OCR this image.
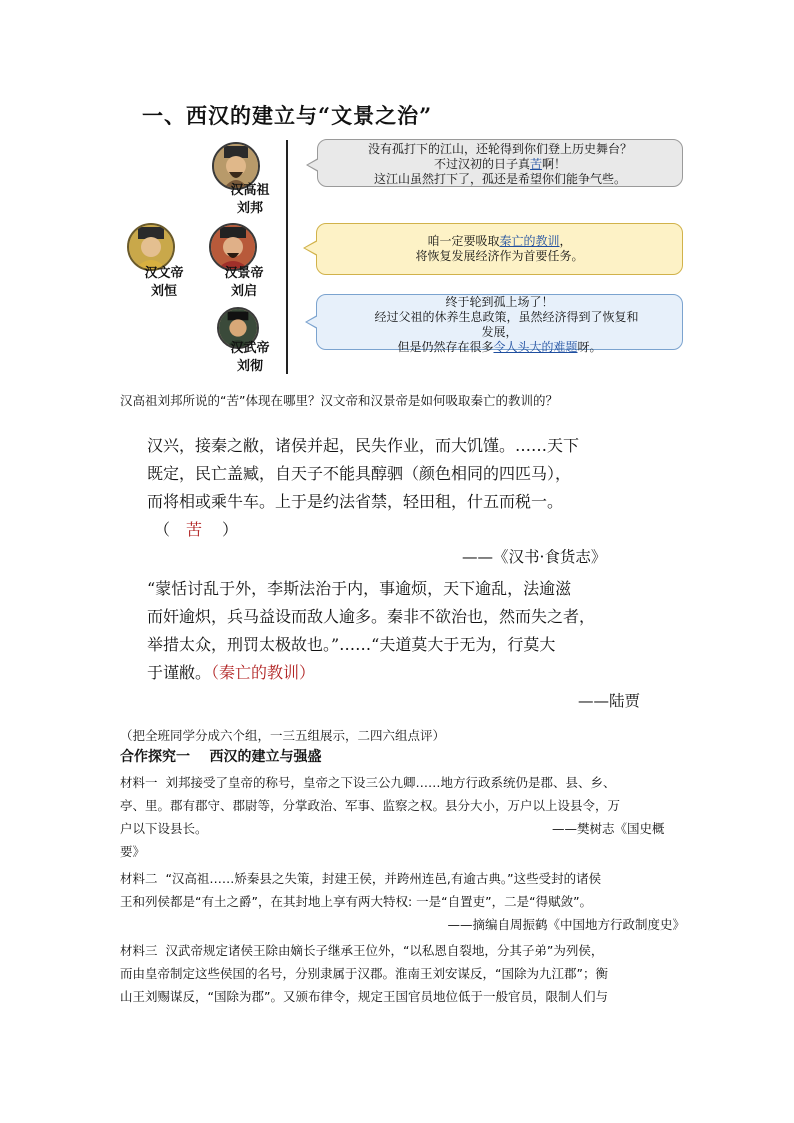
一、西汉的建立与“文景之治”
汉高祖
刘邦
汉文帝
刘恒
汉景帝
刘启
汉武帝
刘彻
没有孤打下的江山，还轮得到你们登上历史舞台？
不过汉初的日子真苦啊！
这江山虽然打下了，孤还是希望你们能争气些。
咱一定要吸取秦亡的教训，
将恢复发展经济作为首要任务。
终于轮到孤上场了！
经过父祖的休养生息政策，虽然经济得到了恢复和
发展，
但是仍然存在很多令人头大的难题呀。
汉高祖刘邦所说的“苦”体现在哪里？汉文帝和汉景帝是如何吸取秦亡的教训的？
汉兴，接秦之敝，诸侯并起，民失作业，而大饥馑。……天下
既定，民亡盖臧，自天子不能具醇驷（颜色相同的四匹马），
而将相或乘牛车。上于是约法省禁，轻田租，什五而税一。
（ 苦 ）
——《汉书·食货志》
“蒙恬讨乱于外，李斯法治于内，事逾烦，天下逾乱，法逾滋
而奸逾炽，兵马益设而敌人逾多。秦非不欲治也，然而失之者，
举措太众，刑罚太极故也。”……“夫道莫大于无为，行莫大
于谨敝。（秦亡的教训）
——陆贾
（把全班同学分成六个组，一三五组展示，二四六组点评）
合作探究一    西汉的建立与强盛
材料一  刘邦接受了皇帝的称号，皇帝之下设三公九卿……地方行政系统仍是郡、县、乡、
亭、里。郡有郡守、郡尉等，分掌政治、军事、监察之权。县分大小，万户以上设县令，万
户以下设县长。	——樊树志《国史概
要》
材料二  “汉高祖……矫秦县之失策，封建王侯，并跨州连邑,有逾古典。”这些受封的诸侯
王和列侯都是“有土之爵”，在其封地上享有两大特权: 一是“自置吏”，二是“得赋敛”。
——摘编自周振鹤《中国地方行政制度史》
材料三  汉武帝规定诸侯王除由嫡长子继承王位外，“以私恩自裂地，分其子弟”为列侯，
而由皇帝制定这些侯国的名号，分别隶属于汉郡。淮南王刘安谋反，“国除为九江郡”；衡
山王刘赐谋反，“国除为郡”。又颁布律令，规定王国官员地位低于一般官员，限制人们与
